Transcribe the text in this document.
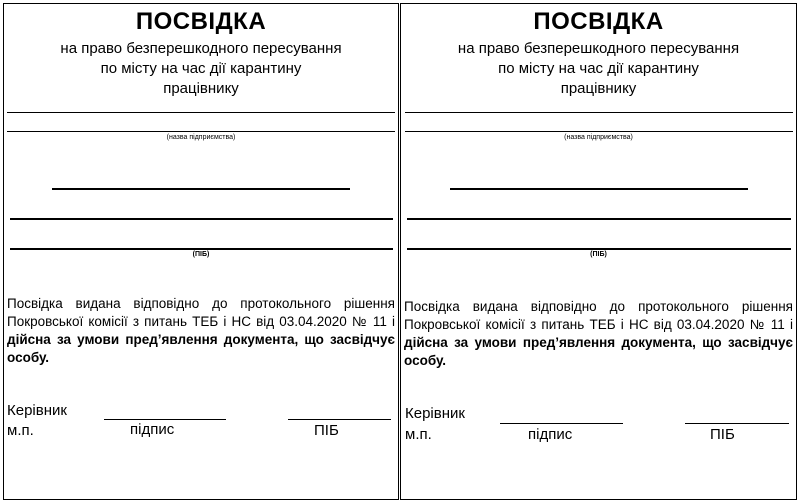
ПОСВІДКА
на право безперешкодного пересування
по місту на час дії карантину
працівнику
(назва підприємства)
(ПІБ)
Посвідка видана відповідно до протокольного рішення Покровської комісії з питань ТЕБ і НС від 03.04.2020 № 11 і дійсна за умови пред’явлення документа, що засвідчує особу.
Керівник
м.п.	підпис	ПІБ
ПОСВІДКА
на право безперешкодного пересування
по місту на час дії карантину
працівнику
(назва підприємства)
(ПІБ)
Посвідка видана відповідно до протокольного рішення Покровської комісії з питань ТЕБ і НС від 03.04.2020 № 11 і дійсна за умови пред’явлення документа, що засвідчує особу.
Керівник
м.п.	підпис	ПІБ
